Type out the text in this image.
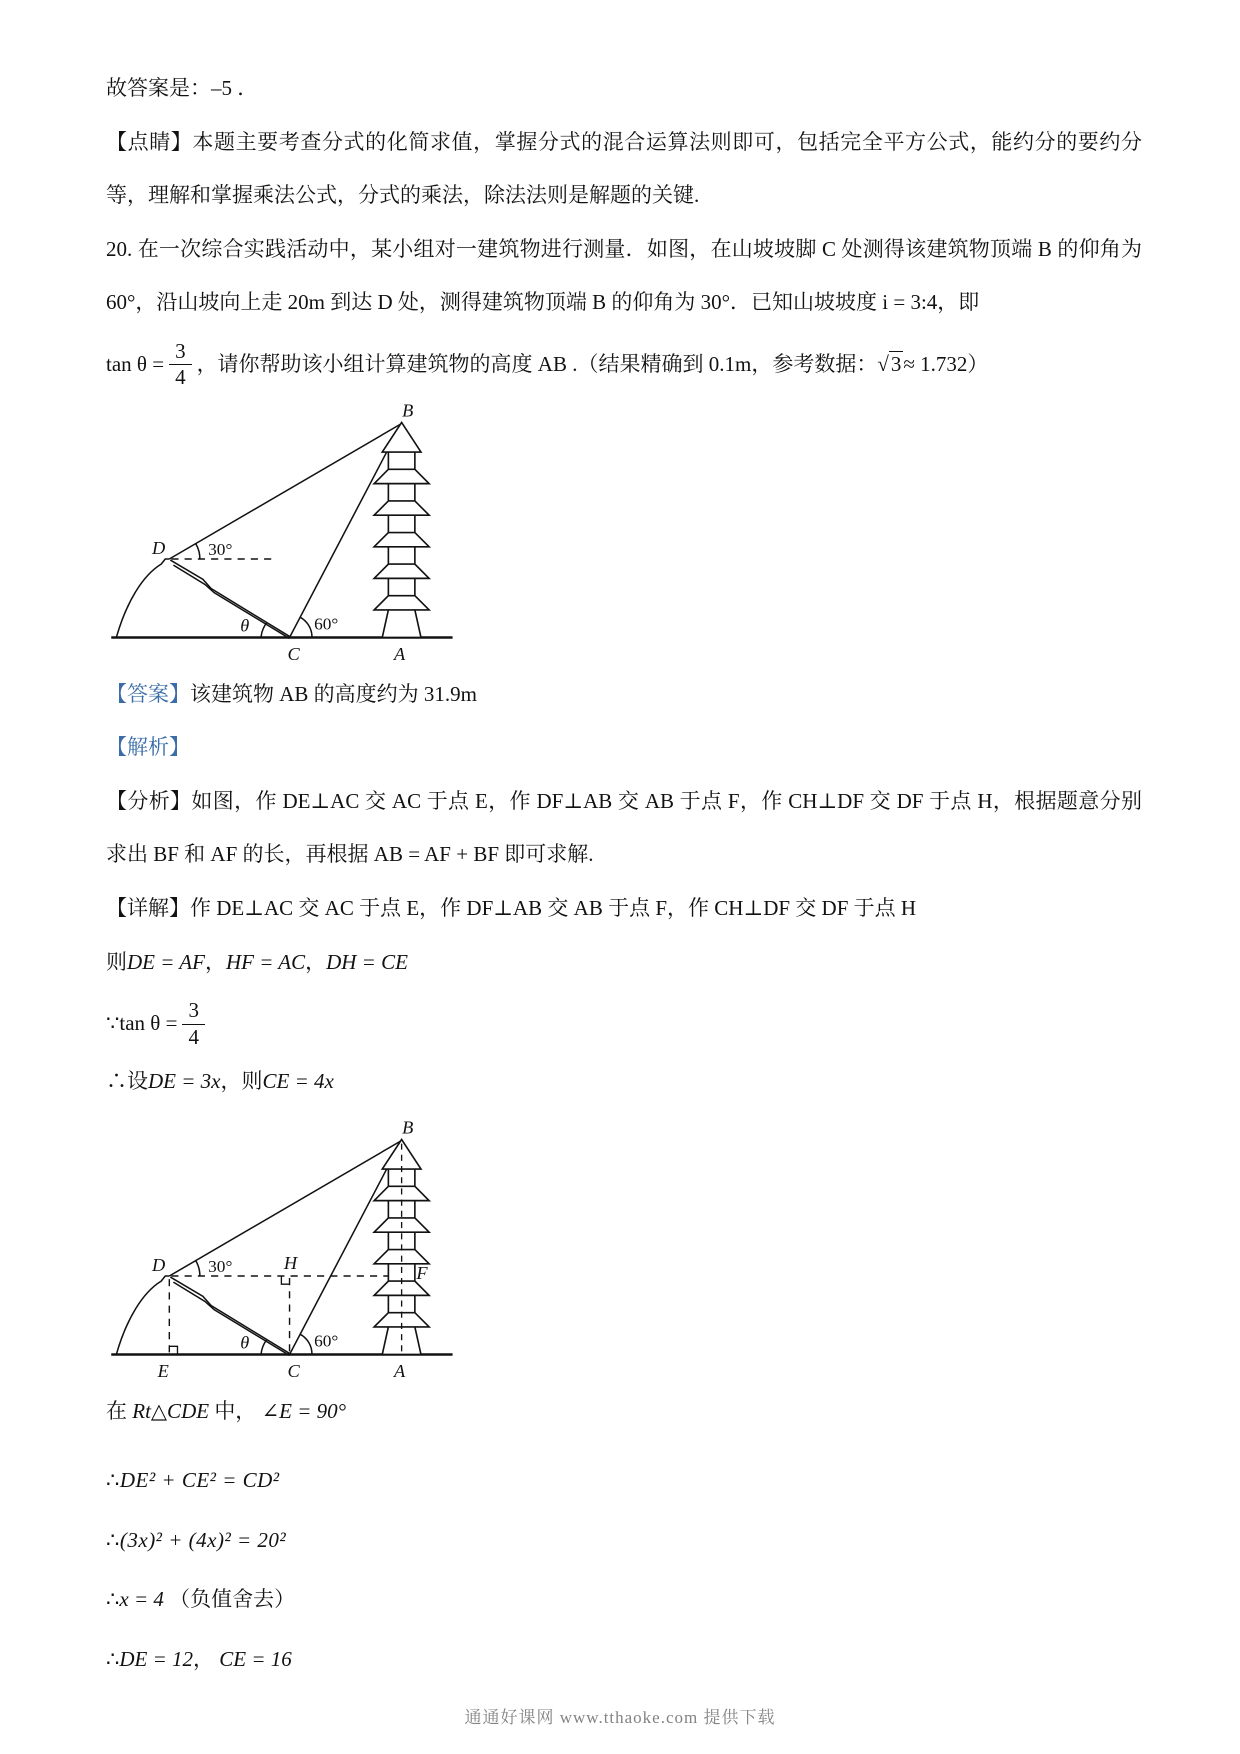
故答案是：–5 ．

【点睛】本题主要考查分式的化简求值，掌握分式的混合运算法则即可，包括完全平方公式，能约分的要约分等，理解和掌握乘法公式，分式的乘法，除法法则是解题的关键.

20. 在一次综合实践活动中，某小组对一建筑物进行测量．如图，在山坡坡脚 C 处测得该建筑物顶端 B 的仰角为 60°，沿山坡向上走 20m 到达 D 处，测得建筑物顶端 B 的仰角为 30°．已知山坡坡度 i = 3:4，即

$\tan \theta = \frac{3}{4}$ ，请你帮助该小组计算建筑物的高度 AB .（结果精确到 0.1m，参考数据： √3 ≈ 1.732 ）
B
D
C	A
θ
30°
60°

【答案】该建筑物 AB 的高度约为 31.9m

【解析】

【分析】如图，作 DE⊥AC 交 AC 于点 E，作 DF⊥AB 交 AB 于点 F，作 CH⊥DF 交 DF 于点 H，根据题意分别求出 BF 和 AF 的长，再根据 AB = AF + BF 即可求解.

【详解】作 DE⊥AC 交 AC 于点 E，作 DF⊥AB 交 AB 于点 F，作 CH⊥DF 交 DF 于点 H

则DE = AF，HF = AC，DH = CE

∵ $\tan \theta = \frac{3}{4}$

∴设DE = 3x，则CE = 4x

B
D	H
F
E	C	A
θ
30°
60°

在 Rt△CDE 中， ∠E = 90°

∴DE² + CE² = CD²

∴(3x)² + (4x)² = 20²

∴x = 4 （负值舍去）

∴DE = 12， CE = 16

通通好课网 www.tthaoke.com 提供下载
